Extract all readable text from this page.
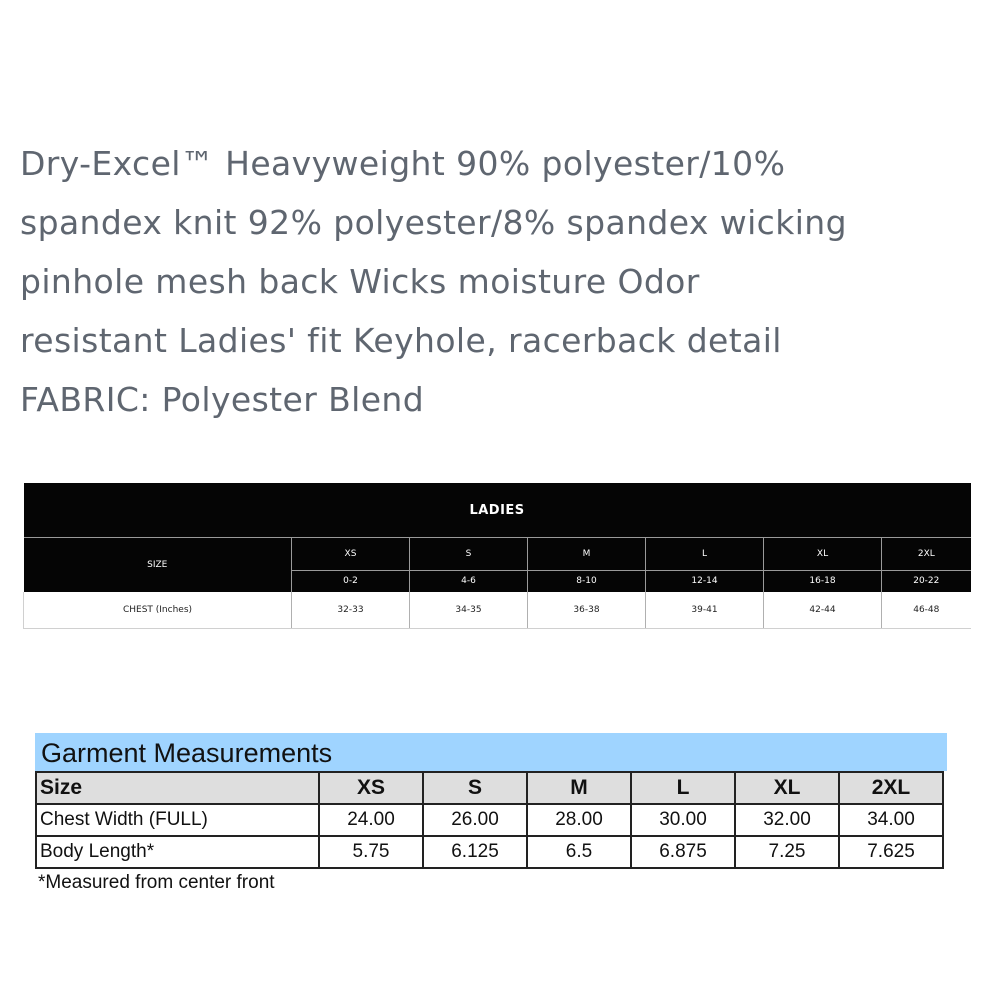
Dry-Excel™ Heavyweight 90% polyester/10%
spandex knit 92% polyester/8% spandex wicking
pinhole mesh back Wicks moisture Odor
resistant Ladies' fit Keyhole, racerback detail
FABRIC: Polyester Blend
LADIES						
SIZE	XS	S	M	L	XL	2XL
	0-2	4-6	8-10	12-14	16-18	20-22
CHEST (Inches)	32-33	34-35	36-38	39-41	42-44	46-48
Garment Measurements
Size	XS	S	M	L	XL	2XL
Chest Width (FULL)	24.00	26.00	28.00	30.00	32.00	34.00
Body Length*	5.75	6.125	6.5	6.875	7.25	7.625
*Measured from center front
